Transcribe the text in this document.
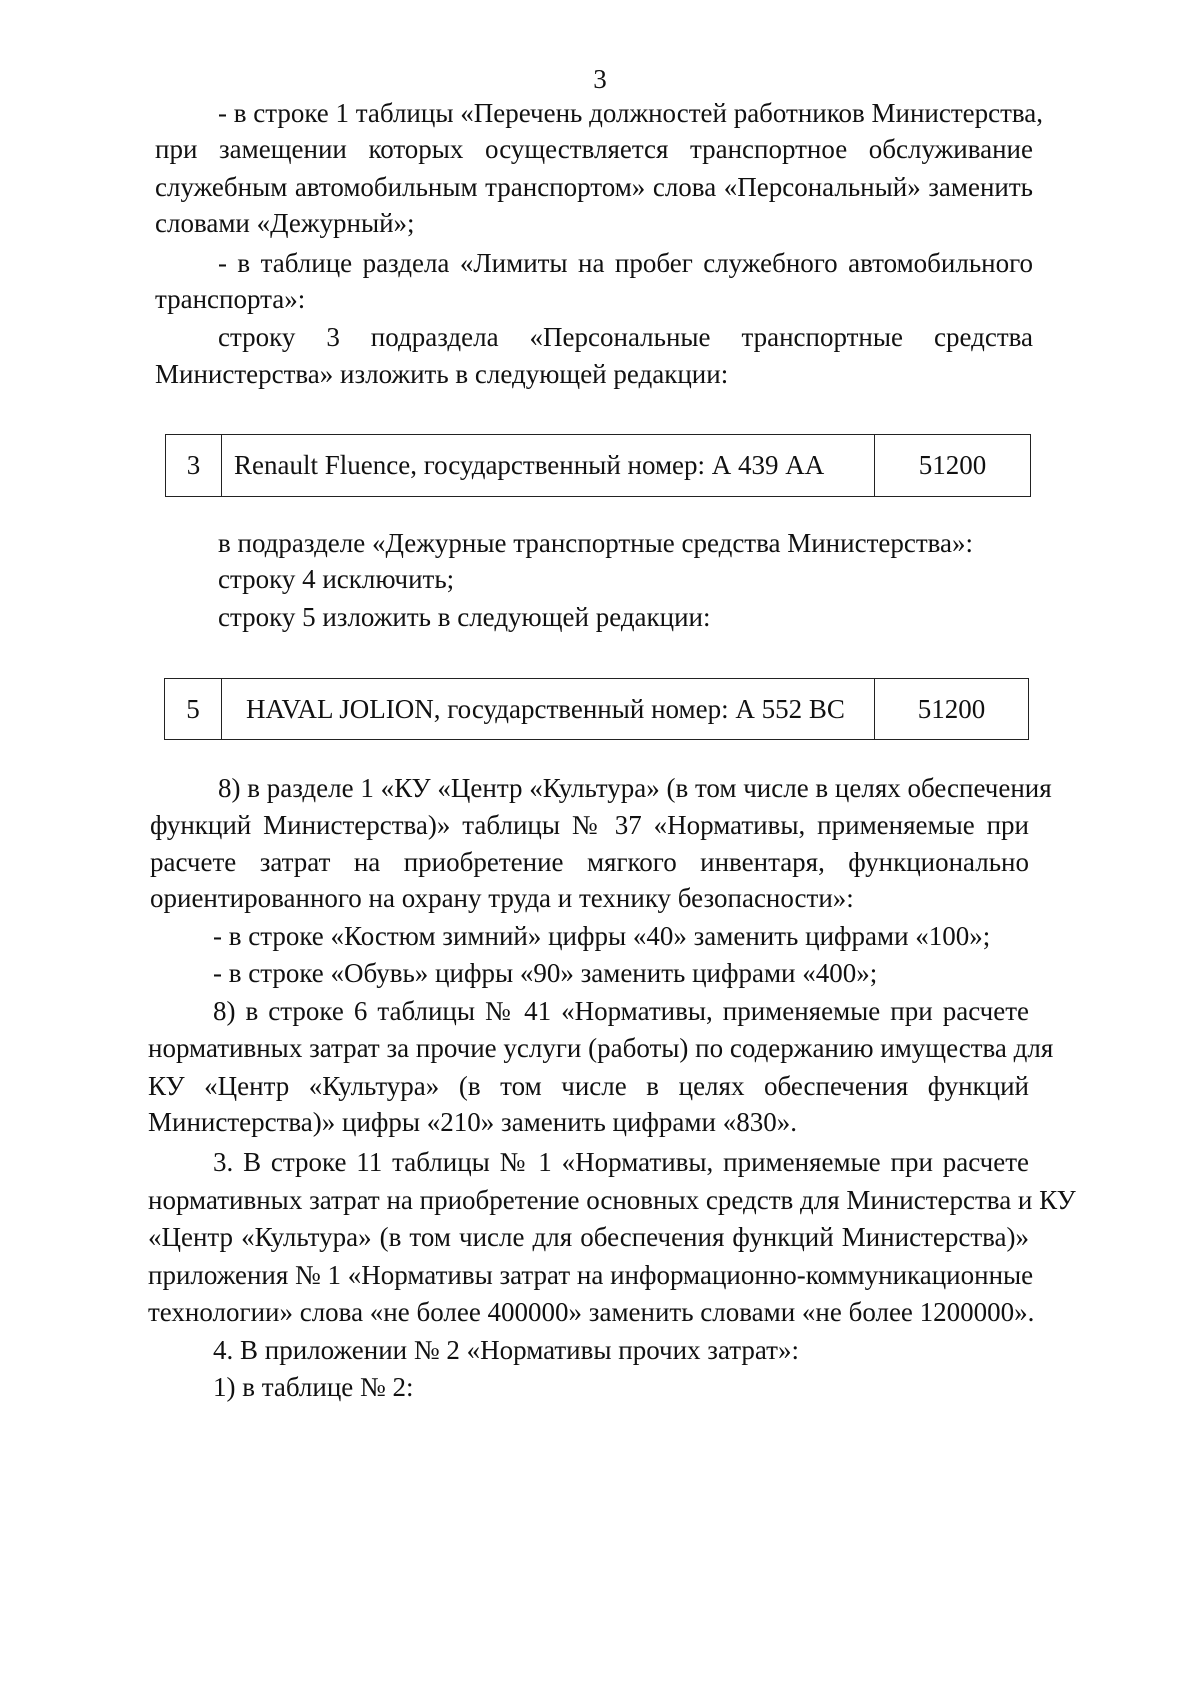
3
- в строке 1 таблицы «Перечень должностей работников Министерства,
при замещении которых осуществляется транспортное обслуживание
служебным автомобильным транспортом» слова «Персональный» заменить
словами «Дежурный»;
- в таблице раздела «Лимиты на пробег служебного автомобильного
транспорта»:
строку 3 подраздела «Персональные транспортные средства
Министерства» изложить в следующей редакции:
3	Renault Fluence, государственный номер: А 439 АА	51200
в подразделе «Дежурные транспортные средства Министерства»:
строку 4 исключить;
строку 5 изложить в следующей редакции:
5	HAVAL JOLION, государственный номер: А 552 ВС	51200
8) в разделе 1 «КУ «Центр «Культура» (в том числе в целях обеспечения
функций Министерства)» таблицы № 37 «Нормативы, применяемые при
расчете затрат на приобретение мягкого инвентаря, функционально
ориентированного на охрану труда и технику безопасности»:
- в строке «Костюм зимний» цифры «40» заменить цифрами «100»;
- в строке «Обувь» цифры «90» заменить цифрами «400»;
8) в строке 6 таблицы № 41 «Нормативы, применяемые при расчете
нормативных затрат за прочие услуги (работы) по содержанию имущества для
КУ «Центр «Культура» (в том числе в целях обеспечения функций
Министерства)» цифры «210» заменить цифрами «830».
3. В строке 11 таблицы № 1 «Нормативы, применяемые при расчете
нормативных затрат на приобретение основных средств для Министерства и КУ
«Центр «Культура» (в том числе для обеспечения функций Министерства)»
приложения № 1 «Нормативы затрат на информационно-коммуникационные
технологии» слова «не более 400000» заменить словами «не более 1200000».
4. В приложении № 2 «Нормативы прочих затрат»:
1) в таблице № 2:
